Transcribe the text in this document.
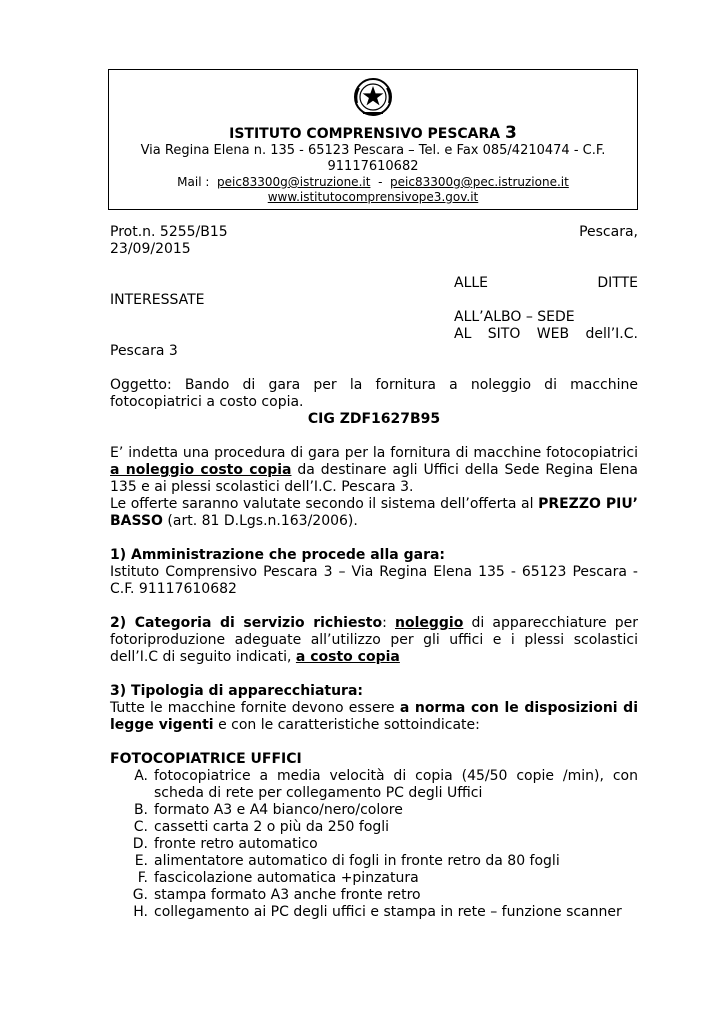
ISTITUTO COMPRENSIVO PESCARA 3
Via Regina Elena n. 135 - 65123 Pescara – Tel. e Fax 085/4210474 - C.F. 91117610682
Mail : peic83300g@istruzione.it - peic83300g@pec.istruzione.it
www.istitutocomprensivope3.gov.it
Prot.n. 5255/B15	Pescara,
23/09/2015
ALLE	DITTE
INTERESSATE
ALL’ALBO – SEDE
AL SITO WEB dell’I.C.
Pescara 3
Oggetto: Bando di gara per la fornitura a noleggio di macchine fotocopiatrici a costo copia.
CIG ZDF1627B95
E’ indetta una procedura di gara per la fornitura di macchine fotocopiatrici a noleggio costo copia da destinare agli Uffici della Sede Regina Elena 135 e ai plessi scolastici dell’I.C. Pescara 3.
Le offerte saranno valutate secondo il sistema dell’offerta al PREZZO PIU’ BASSO (art. 81 D.Lgs.n.163/2006).
1) Amministrazione che procede alla gara:
Istituto Comprensivo Pescara 3 – Via Regina Elena 135 - 65123 Pescara - C.F. 91117610682
2) Categoria di servizio richiesto: noleggio di apparecchiature per fotoriproduzione adeguate all’utilizzo per gli uffici e i plessi scolastici dell’I.C di seguito indicati, a costo copia
3) Tipologia di apparecchiatura:
Tutte le macchine fornite devono essere a norma con le disposizioni di legge vigenti e con le caratteristiche sottoindicate:
FOTOCOPIATRICE UFFICI
A. fotocopiatrice a media velocità di copia (45/50 copie /min), con scheda di rete per collegamento PC degli Uffici
B. formato A3 e A4 bianco/nero/colore
C. cassetti carta 2 o più da 250 fogli
D. fronte retro automatico
E. alimentatore automatico di fogli in fronte retro da 80 fogli
F. fascicolazione automatica +pinzatura
G. stampa formato A3 anche fronte retro
H. collegamento ai PC degli uffici e stampa in rete – funzione scanner
